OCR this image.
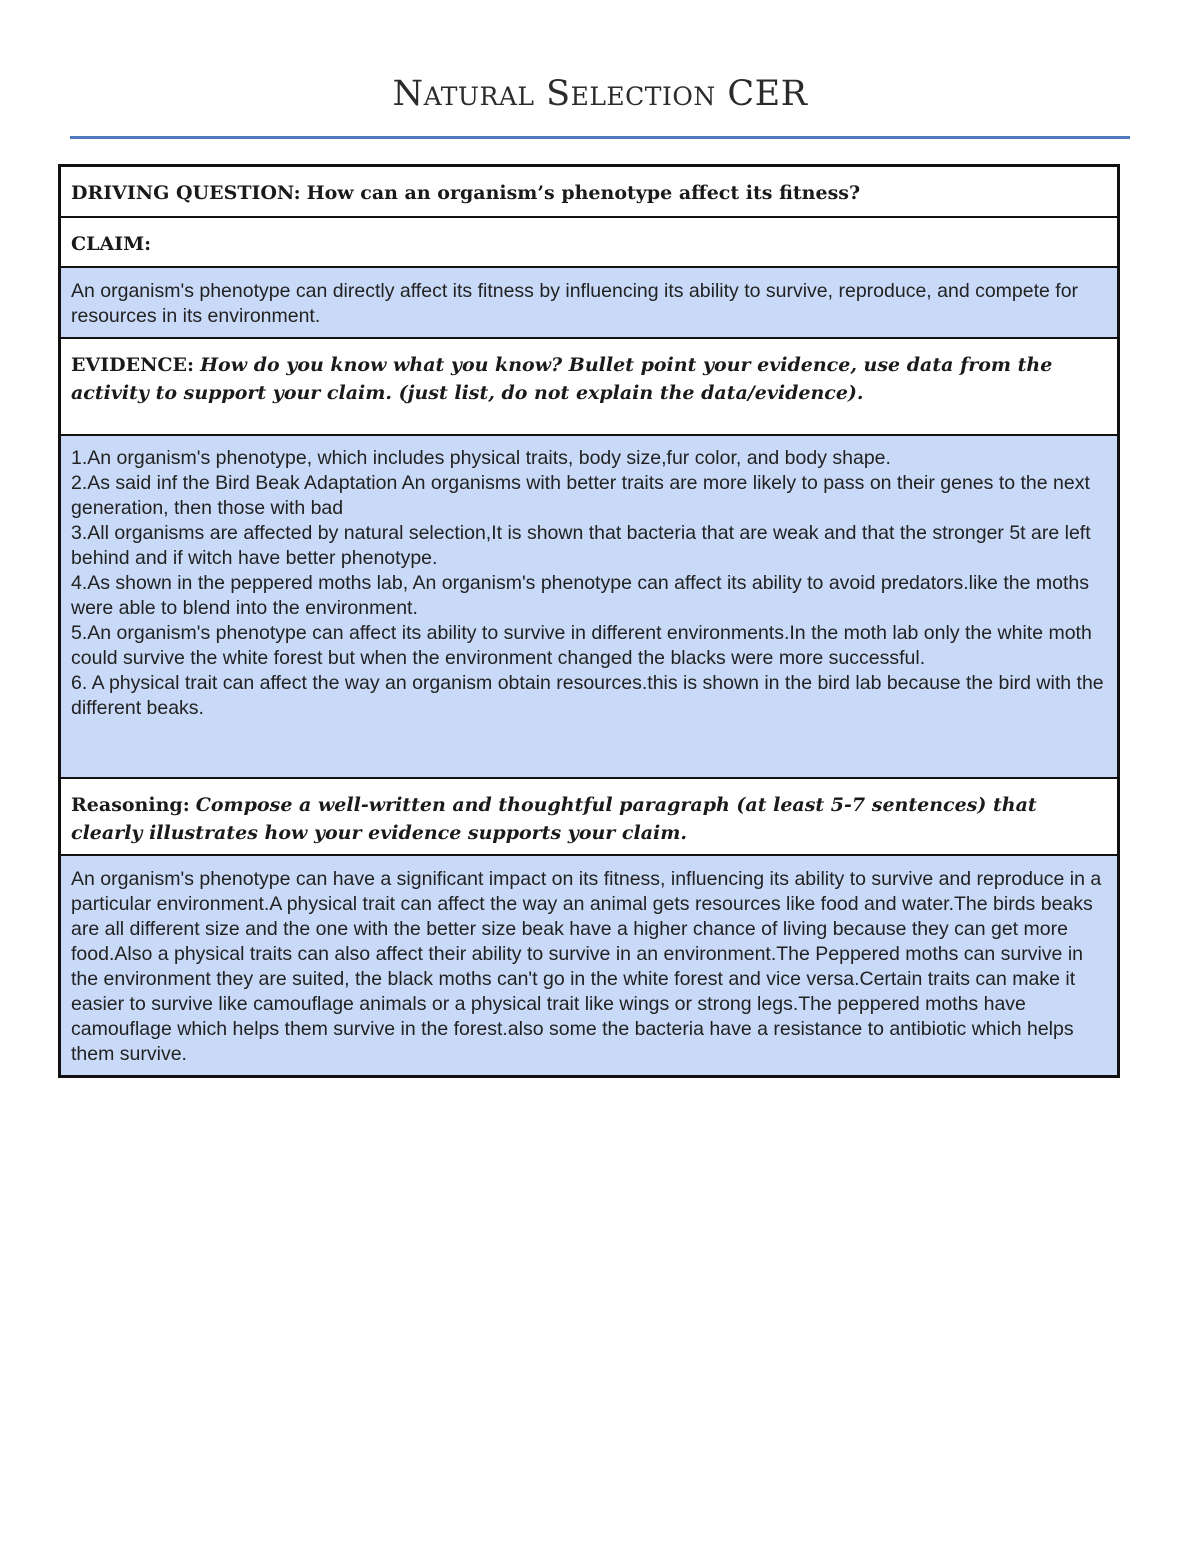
Natural Selection CER
DRIVING QUESTION: How can an organism’s phenotype affect its fitness?
CLAIM:
An organism's phenotype can directly affect its fitness by influencing its ability to survive, reproduce, and compete for resources in its environment.
EVIDENCE: How do you know what you know? Bullet point your evidence, use data from the activity to support your claim. (just list, do not explain the data/evidence).
1.An organism's phenotype, which includes physical traits, body size,fur color, and body shape.
2.As said inf the Bird Beak Adaptation An organisms with better traits are more likely to pass on their genes to the next generation, then those with bad
3.All organisms are affected by natural selection,It is shown that bacteria that are weak and that the stronger 5t are left behind and if witch have better phenotype.
4.As shown in the peppered moths lab, An organism's phenotype can affect its ability to avoid predators.like the moths were able to blend into the environment.
5.An organism's phenotype can affect its ability to survive in different environments.In the moth lab only the white moth could survive the white forest but when the environment changed the blacks were more successful.
6. A physical trait can affect the way an organism obtain resources.this is shown in the bird lab because the bird with the different beaks.
Reasoning: Compose a well-written and thoughtful paragraph (at least 5-7 sentences) that clearly illustrates how your evidence supports your claim.
An organism's phenotype can have a significant impact on its fitness, influencing its ability to survive and reproduce in a particular environment.A physical trait can affect the way an animal gets resources like food and water.The birds beaks are all different size and the one with the better size beak have a higher chance of living because they can get more food.Also a physical traits can also affect their ability to survive in an environment.The Peppered moths can survive in the environment they are suited, the black moths can't go in the white forest and vice versa.Certain traits can make it easier to survive like camouflage animals or a physical trait like wings or strong legs.The peppered moths have camouflage which helps them survive in the forest.also some the bacteria have a resistance to antibiotic which helps them survive.
